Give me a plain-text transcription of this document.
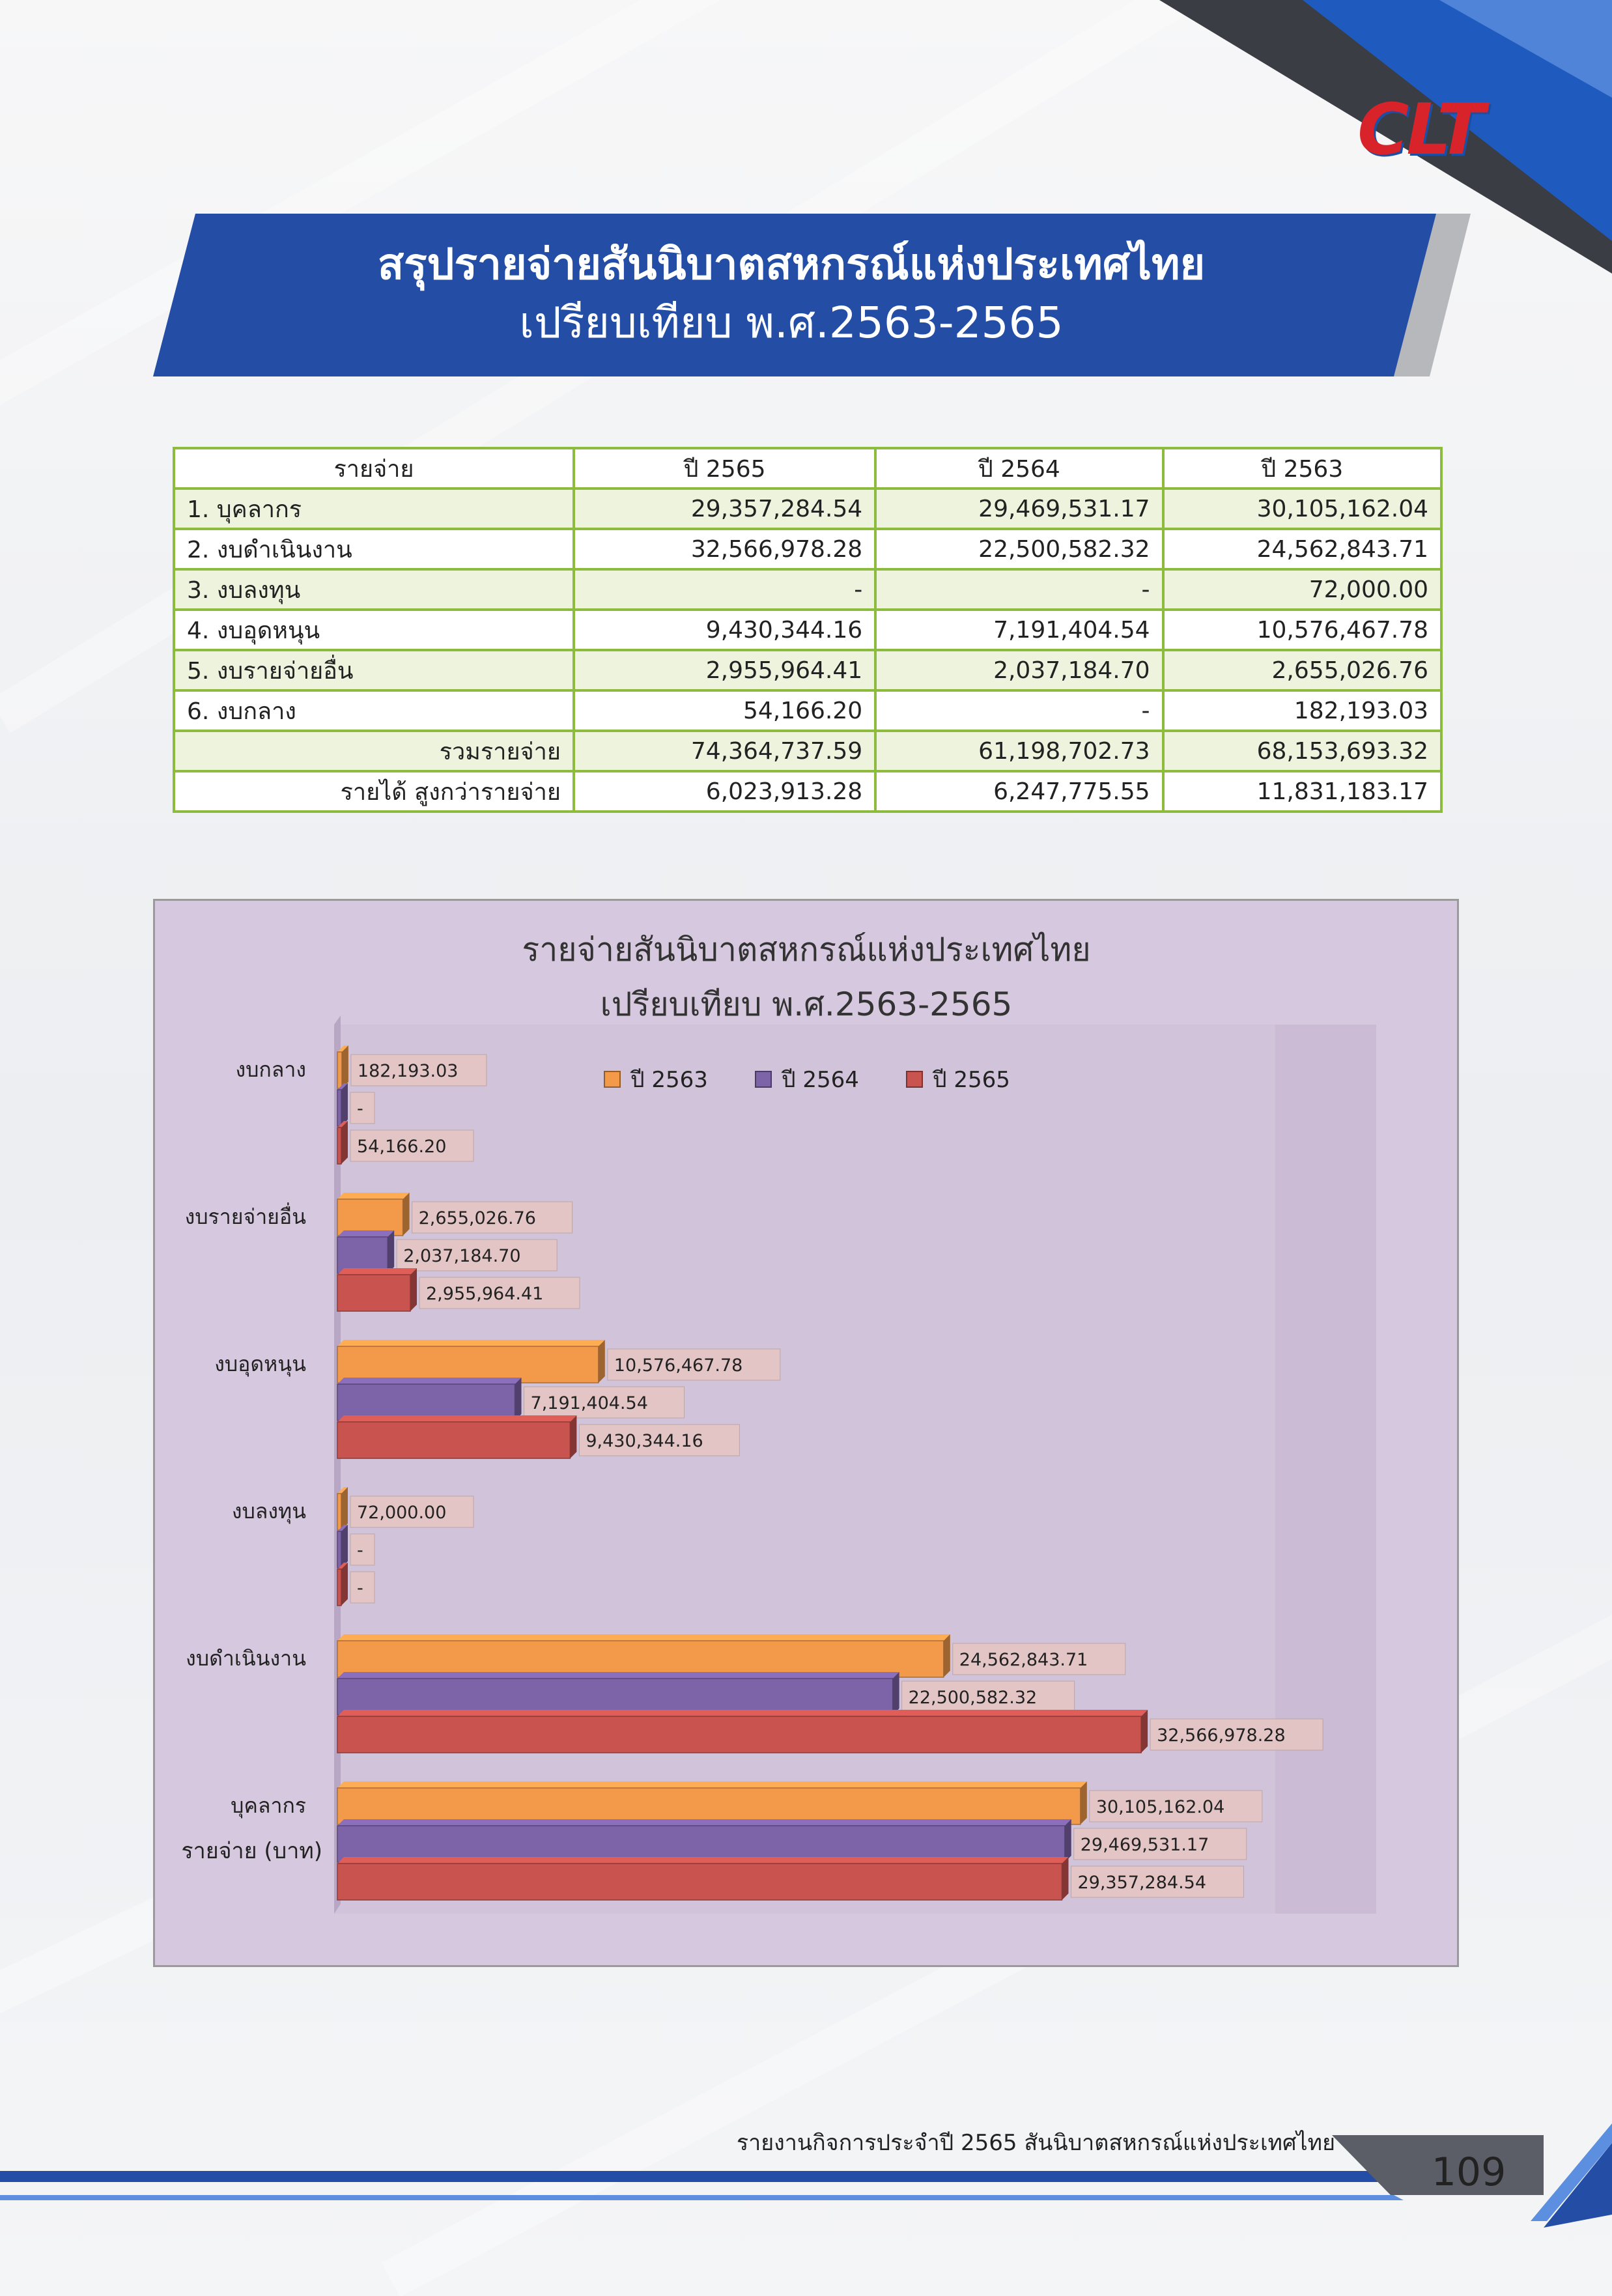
CLT
สรุปรายจ่ายสันนิบาตสหกรณ์แห่งประเทศไทย
เปรียบเทียบ พ.ศ.2563-2565
รายจ่าย	ปี 2565	ปี 2564	ปี 2563
1. บุคลากร	29,357,284.54	29,469,531.17	30,105,162.04
2. งบดำเนินงาน	32,566,978.28	22,500,582.32	24,562,843.71
3. งบลงทุน	-	-	72,000.00
4. งบอุดหนุน	9,430,344.16	7,191,404.54	10,576,467.78
5. งบรายจ่ายอื่น	2,955,964.41	2,037,184.70	2,655,026.76
6. งบกลาง	54,166.20	-	182,193.03
รวมรายจ่าย	74,364,737.59	61,198,702.73	68,153,693.32
รายได้ สูงกว่ารายจ่าย	6,023,913.28	6,247,775.55	11,831,183.17
รายจ่ายสันนิบาตสหกรณ์แห่งประเทศไทย
เปรียบเทียบ พ.ศ.2563-2565
รายจ่าย (บาท)
ปี 2563	ปี 2564	ปี 2565
182,193.03
-
54,166.20
2,655,026.76
2,037,184.70
2,955,964.41
10,576,467.78
7,191,404.54
9,430,344.16
72,000.00
-
-
24,562,843.71
22,500,582.32
32,566,978.28
30,105,162.04
29,469,531.17
29,357,284.54
งบกลาง
งบรายจ่ายอื่น
งบอุดหนุน
งบลงทุน
งบดำเนินงาน
บุคลากร
รายงานกิจการประจำปี 2565 สันนิบาตสหกรณ์แห่งประเทศไทย
109
